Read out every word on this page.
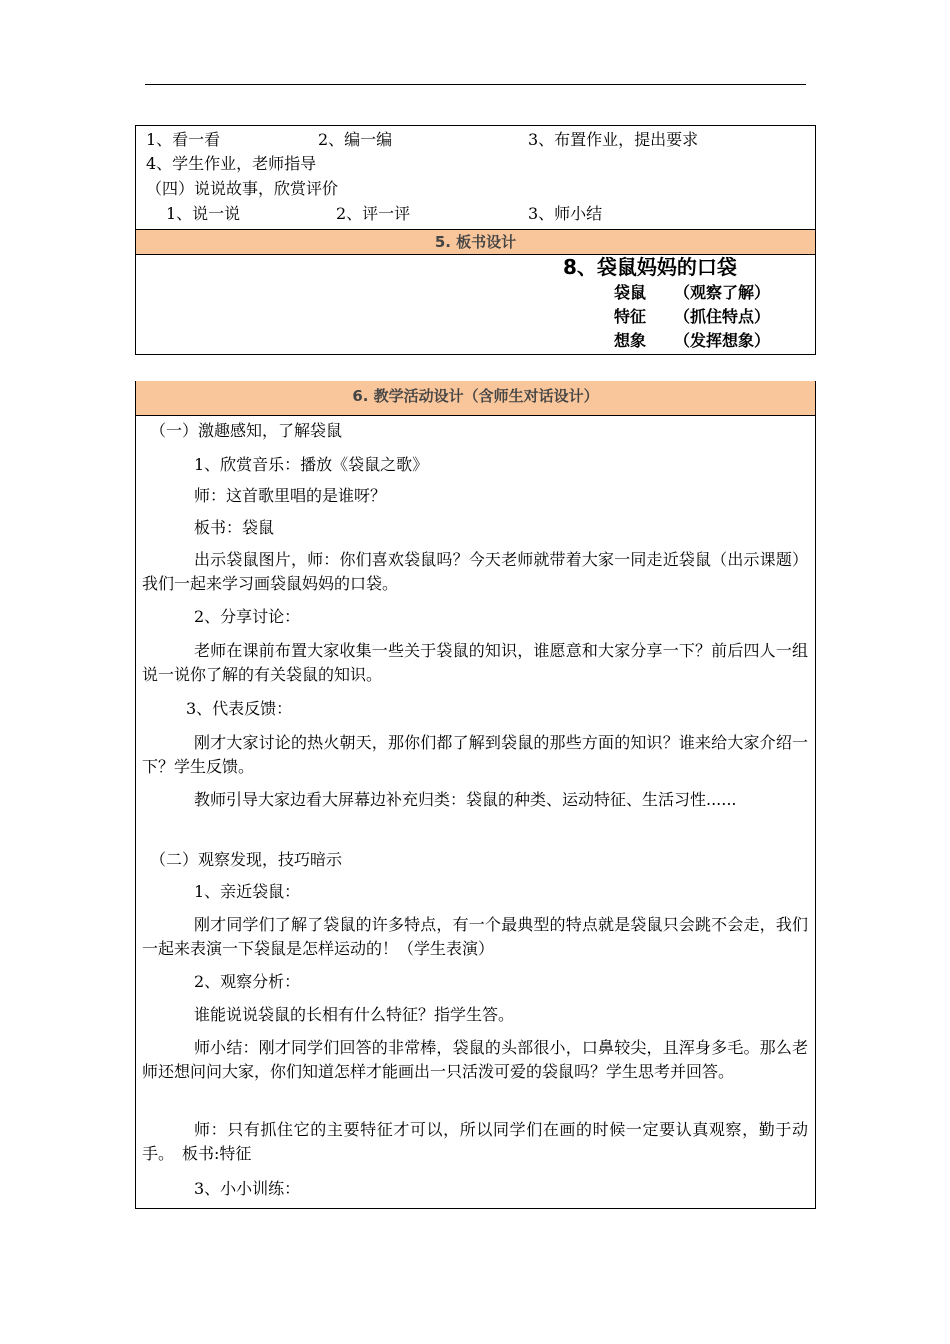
1、看一看	2、编一编	3、布置作业，提出要求
4、学生作业，老师指导
（四）说说故事，欣赏评价
1、说一说	2、评一评	3、师小结
5. 板书设计
8、袋鼠妈妈的口袋
袋鼠 （观察了解）
特征 （抓住特点）
想象 （发挥想象）
6. 教学活动设计（含师生对话设计）
（一）激趣感知，了解袋鼠
1、欣赏音乐：播放《袋鼠之歌》
师：这首歌里唱的是谁呀？
板书：袋鼠
出示袋鼠图片，师：你们喜欢袋鼠吗？今天老师就带着大家一同走近袋鼠（出示课题）我们一起来学习画袋鼠妈妈的口袋。
2、分享讨论：
老师在课前布置大家收集一些关于袋鼠的知识，谁愿意和大家分享一下？前后四人一组说一说你了解的有关袋鼠的知识。
3、代表反馈：
刚才大家讨论的热火朝天，那你们都了解到袋鼠的那些方面的知识？谁来给大家介绍一下？学生反馈。
教师引导大家边看大屏幕边补充归类：袋鼠的种类、运动特征、生活习性......
（二）观察发现，技巧暗示
1、亲近袋鼠：
刚才同学们了解了袋鼠的许多特点，有一个最典型的特点就是袋鼠只会跳不会走，我们一起来表演一下袋鼠是怎样运动的！（学生表演）
2、观察分析：
谁能说说袋鼠的长相有什么特征？指学生答。
师小结：刚才同学们回答的非常棒，袋鼠的头部很小，口鼻较尖，且浑身多毛。那么老师还想问问大家，你们知道怎样才能画出一只活泼可爱的袋鼠吗？学生思考并回答。
师：只有抓住它的主要特征才可以，所以同学们在画的时候一定要认真观察，勤于动手。　板书:特征
3、小小训练：
